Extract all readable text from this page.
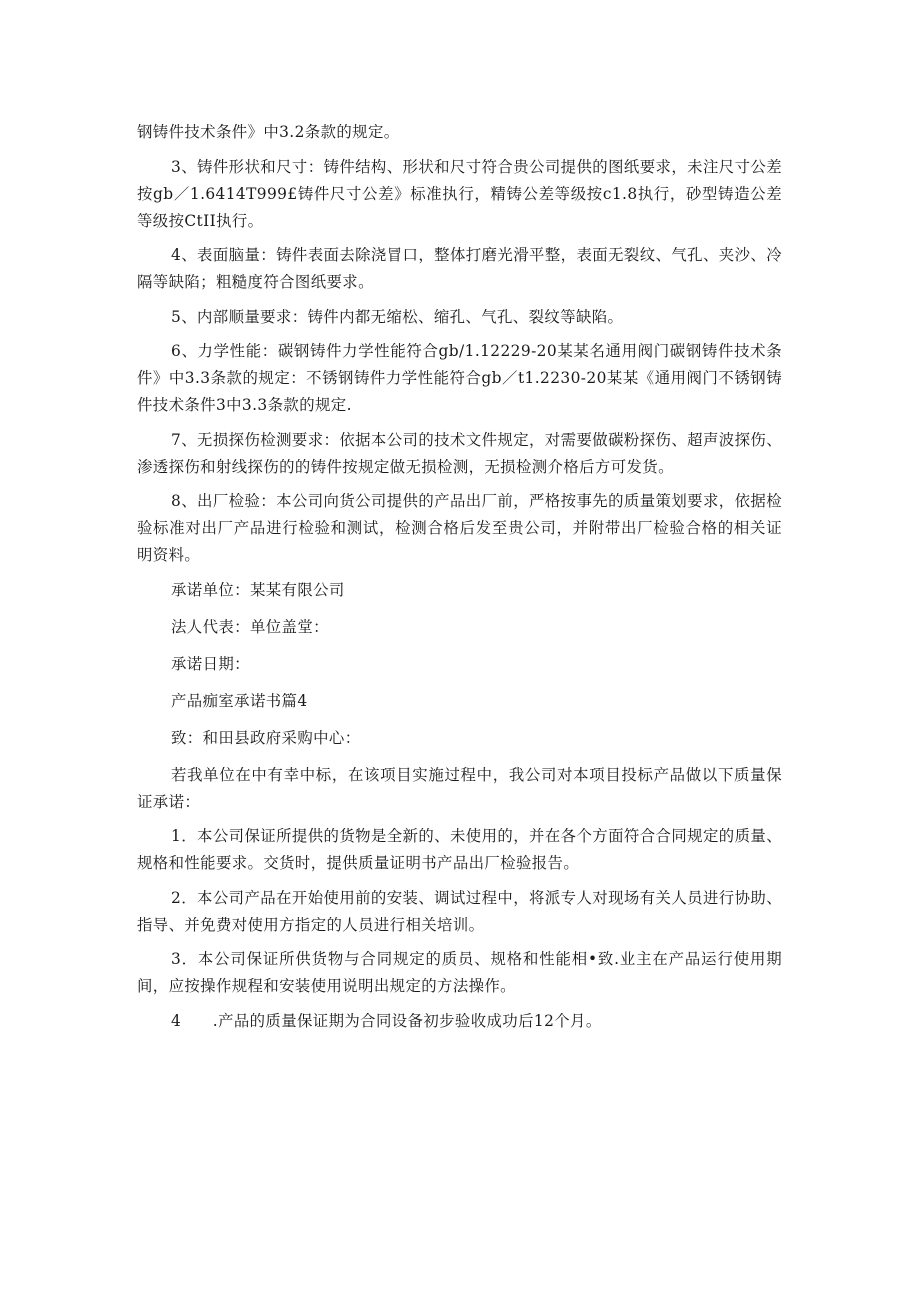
钢铸件技术条件》中3.2条款的规定。

3、铸件形状和尺寸：铸件结构、形状和尺寸符合贵公司提供的图纸要求，未注尺寸公差按gb／1.6414T999£铸件尺寸公差》标准执行，精铸公差等级按c1.8执行，砂型铸造公差等级按CtII执行。

4、表面脑量：铸件表面去除浇冒口，整体打磨光滑平整，表面无裂纹、气孔、夹沙、冷隔等缺陷；粗糙度符合图纸要求。

5、内部顺量要求：铸件内都无缩松、缩孔、气孔、裂纹等缺陷。

6、力学性能：碳钢铸件力学性能符合gb/1.12229-20某某名通用阀门碳钢铸件技术条件》中3.3条款的规定：不锈钢铸件力学性能符合gb／t1.2230-20某某《通用阀门不锈钢铸件技术条件3中3.3条款的规定.

7、无损探伤检测要求：依据本公司的技术文件规定，对需要做碳粉探伤、超声波探伤、渗透探伤和射线探伤的的铸件按规定做无损检测，无损检测介格后方可发货。

8、出厂检验：本公司向货公司提供的产品出厂前，严格按事先的质量策划要求，依据检验标准对出厂产品进行检验和测试，检测合格后发至贵公司，并附带出厂检验合格的相关证明资料。

承诺单位：某某有限公司

法人代表：单位盖堂：

承诺日期：

产品痂室承诺书篇4

致：和田县政府采购中心：

若我单位在中有幸中标，在该项目实施过程中，我公司对本项目投标产品做以下质量保证承诺：

1．本公司保证所提供的货物是全新的、未使用的，并在各个方面符合合同规定的质量、规格和性能要求。交货时，提供质量证明书产品出厂检验报告。

2．本公司产品在开始使用前的安装、调试过程中，将派专人对现场有关人员进行协助、指导、并免费对使用方指定的人员进行相关培训。

3．本公司保证所供货物与合同规定的质员、规格和性能相•致.业主在产品运行使用期间，应按操作规程和安装使用说明出规定的方法操作。

4　　.产品的质量保证期为合同设备初步验收成功后12个月。
